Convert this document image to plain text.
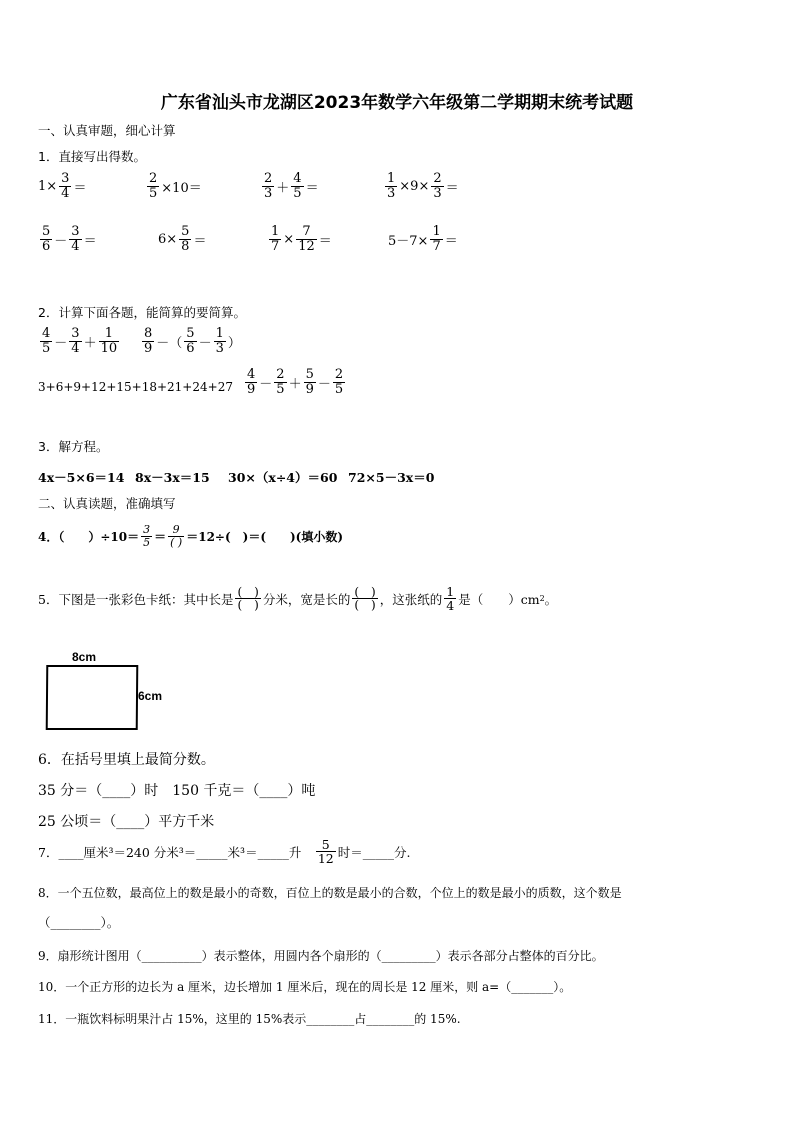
广东省汕头市龙湖区2023年数学六年级第二学期期末统考试题
一、认真审题，细心计算
1．直接写出得数。
$1\times \frac{3}{4}$ ＝	$\frac{2}{5} \times 10=$	$\frac{2}{3} + \frac{4}{5}$ ＝	$\frac{1}{3} \times 9\times \frac{2}{3}$ ＝
$\frac{5}{6} - \frac{3}{4}$ ＝	$6\times \frac{5}{8}$ ＝	$\frac{1}{7} \times \frac{7}{12}$ ＝	$5-7\times \frac{1}{7}$ ＝
2．计算下面各题，能简算的要简算。
$\frac{4}{5} - \frac{3}{4} + \frac{1}{10} \frac{8}{9}$ －（ $\frac{5}{6} - \frac{1}{3}$ ）
$3+6+9+12+15+18+21+24+27 \frac{4}{9} - \frac{2}{5} + \frac{5}{9} - \frac{2}{5}$
3．解方程。
4x－5×6＝14 8x－3x＝15 30×（x÷4）＝60 72×5－3x＝0
二、认真读题，准确填写
4．（　　）$\div 10= \frac{3}{5} = \frac{9}{( )} =12\div$(　)＝(　　)(填小数)
5．下图是一张彩色卡纸：其中长是 $\frac{( )}{( )}$ 分米，宽是长的 $\frac{( )}{( )}$ ，这张纸的 $\frac{1}{4}$ 是（　　）cm 2 。
8cm
6cm
6．在括号里填上最简分数。
35 分＝（____）时　150 千克＝（____）吨
25 公顷＝（____）平方千米
7．____厘米³＝240 分米³＝_____米³＝_____升　 $\frac{5}{12}$ 时＝_____分.
8．一个五位数，最高位上的数是最小的奇数，百位上的数是最小的合数，个位上的数是最小的质数，这个数是
（________）。
9．扇形统计图用（__________）表示整体，用圆内各个扇形的（_________）表示各部分占整体的百分比。
10．一个正方形的边长为 a 厘米，边长增加 1 厘米后，现在的周长是 12 厘米，则 a=（_______）。
11．一瓶饮料标明果汁占 15%，这里的 15%表示________占________的 15%.
